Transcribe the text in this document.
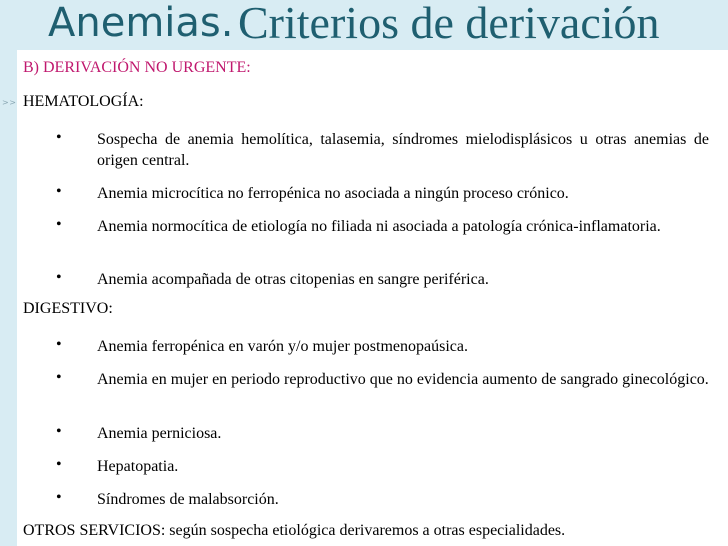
Anemias. Criterios de derivación
> >
B) DERIVACIÓN NO URGENTE:
HEMATOLOGÍA:
• Sospecha de anemia hemolítica, talasemia, síndromes mielodisplásicos u otras anemias de origen central.
• Anemia microcítica no ferropénica no asociada a ningún proceso crónico.
• Anemia normocítica de etiología no filiada ni asociada a patología crónica-inflamatoria.
• Anemia acompañada de otras citopenias en sangre periférica.
DIGESTIVO:
• Anemia ferropénica en varón y/o mujer postmenopaúsica.
• Anemia en mujer en periodo reproductivo que no evidencia aumento de sangrado ginecológico.
• Anemia perniciosa.
• Hepatopatia.
• Síndromes de malabsorción.
OTROS SERVICIOS: según sospecha etiológica derivaremos a otras especialidades.
